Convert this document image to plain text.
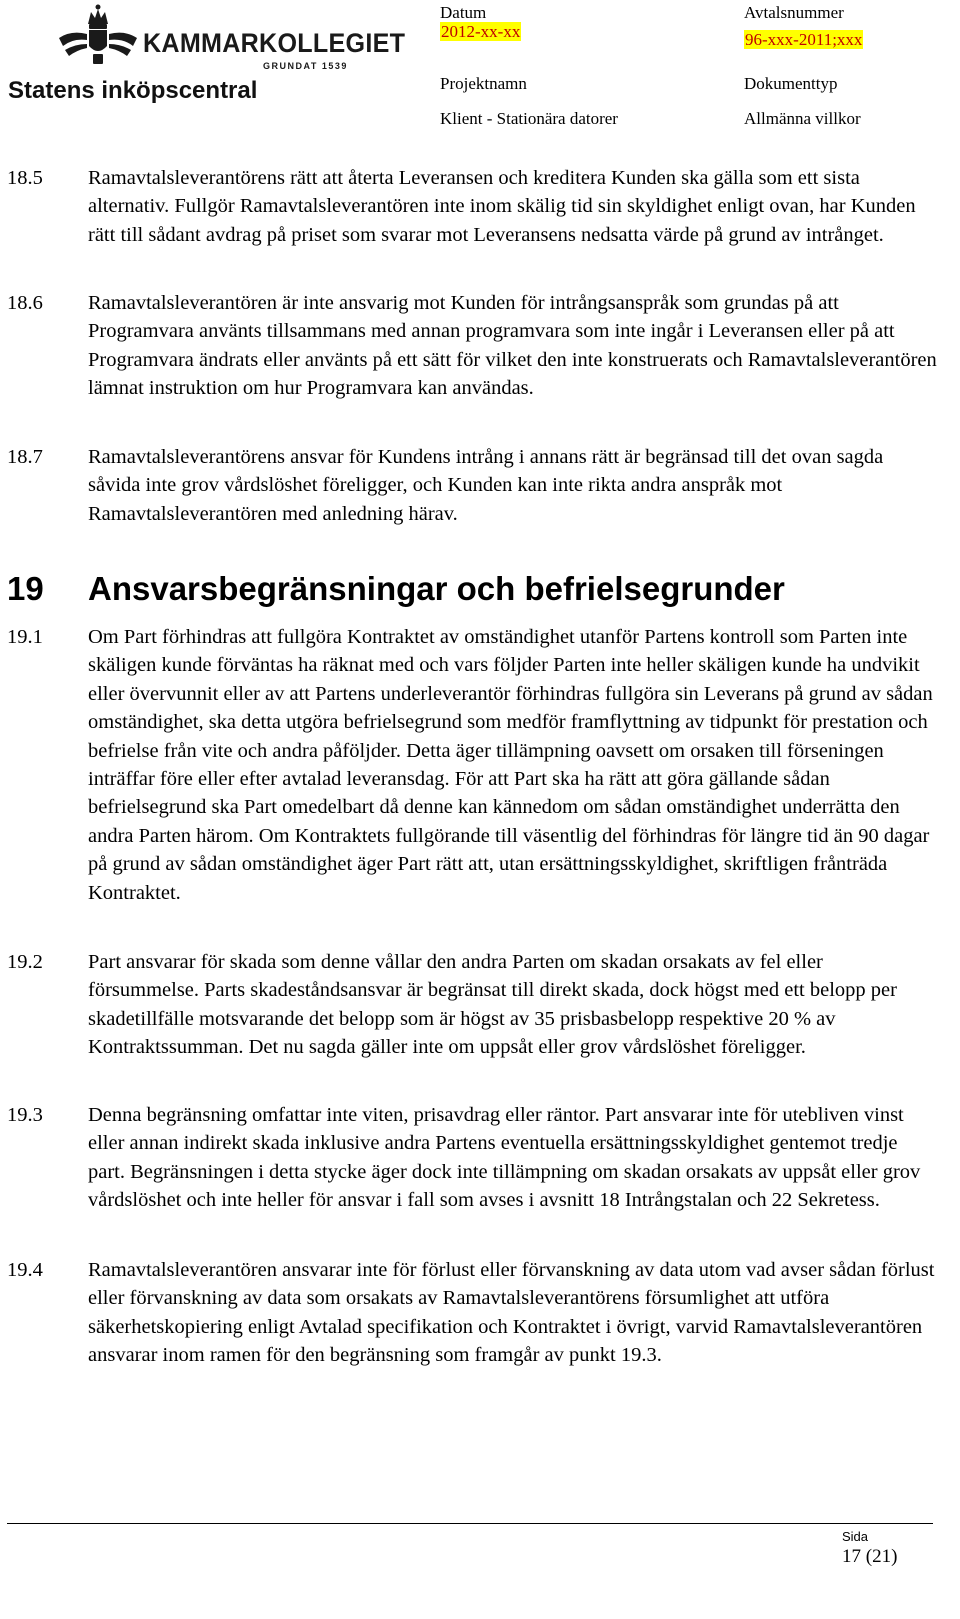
KAMMARKOLLEGIET
GRUNDAT 1539
Statens inköpscentral
Datum
2012-xx-xx
Avtalsnummer
96-xxx-2011;xxx
Projektnamn
Klient - Stationära datorer
Dokumenttyp
Allmänna villkor
18.5 Ramavtalsleverantörens rätt att återta Leveransen och kreditera Kunden ska gälla som ett sista alternativ. Fullgör Ramavtalsleverantören inte inom skälig tid sin skyldighet enligt ovan, har Kunden rätt till sådant avdrag på priset som svarar mot Leveransens nedsatta värde på grund av intrånget.
18.6 Ramavtalsleverantören är inte ansvarig mot Kunden för intrångsanspråk som grundas på att Programvara använts tillsammans med annan programvara som inte ingår i Leveransen eller på att Programvara ändrats eller använts på ett sätt för vilket den inte konstruerats och Ramavtalsleverantören lämnat instruktion om hur Programvara kan användas.
18.7 Ramavtalsleverantörens ansvar för Kundens intrång i annans rätt är begränsad till det ovan sagda såvida inte grov vårdslöshet föreligger, och Kunden kan inte rikta andra anspråk mot Ramavtalsleverantören med anledning härav.
19 Ansvarsbegränsningar och befrielsegrunder
19.1 Om Part förhindras att fullgöra Kontraktet av omständighet utanför Partens kontroll som Parten inte skäligen kunde förväntas ha räknat med och vars följder Parten inte heller skäligen kunde ha undvikit eller övervunnit eller av att Partens underleverantör förhindras fullgöra sin Leverans på grund av sådan omständighet, ska detta utgöra befrielsegrund som medför framflyttning av tidpunkt för prestation och befrielse från vite och andra påföljder. Detta äger tillämpning oavsett om orsaken till förseningen inträffar före eller efter avtalad leveransdag. För att Part ska ha rätt att göra gällande sådan befrielsegrund ska Part omedelbart då denne kan kännedom om sådan omständighet underrätta den andra Parten härom. Om Kontraktets fullgörande till väsentlig del förhindras för längre tid än 90 dagar på grund av sådan omständighet äger Part rätt att, utan ersättningsskyldighet, skriftligen frånträda Kontraktet.
19.2 Part ansvarar för skada som denne vållar den andra Parten om skadan orsakats av fel eller försummelse. Parts skadeståndsansvar är begränsat till direkt skada, dock högst med ett belopp per skadetillfälle motsvarande det belopp som är högst av 35 prisbasbelopp respektive 20 % av Kontraktssumman. Det nu sagda gäller inte om uppsåt eller grov vårdslöshet föreligger.
19.3 Denna begränsning omfattar inte viten, prisavdrag eller räntor. Part ansvarar inte för utebliven vinst eller annan indirekt skada inklusive andra Partens eventuella ersättningsskyldighet gentemot tredje part. Begränsningen i detta stycke äger dock inte tillämpning om skadan orsakats av uppsåt eller grov vårdslöshet och inte heller för ansvar i fall som avses i avsnitt 18 Intrångstalan och 22 Sekretess.
19.4 Ramavtalsleverantören ansvarar inte för förlust eller förvanskning av data utom vad avser sådan förlust eller förvanskning av data som orsakats av Ramavtalsleverantörens försumlighet att utföra säkerhetskopiering enligt Avtalad specifikation och Kontraktet i övrigt, varvid Ramavtalsleverantören ansvarar inom ramen för den begränsning som framgår av punkt 19.3.
Sida
17 (21)
